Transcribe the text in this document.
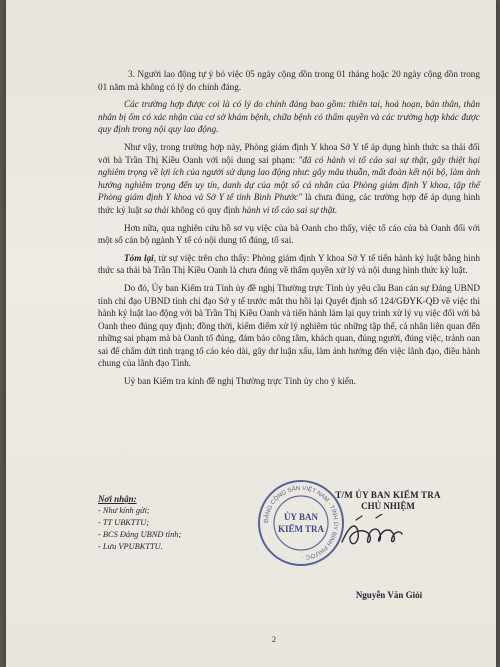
3. Người lao động tự ý bỏ việc 05 ngày cộng dồn trong 01 tháng hoặc 20 ngày cộng dồn trong 01 năm mà không có lý do chính đáng.

Các trường hợp được coi là có lý do chính đáng bao gồm: thiên tai, hoả hoạn, bản thân, thân nhân bị ốm có xác nhận của cơ sở khám bệnh, chữa bệnh có thẩm quyền và các trường hợp khác được quy định trong nội quy lao động.

Như vậy, trong trường hợp này, Phòng giám định Y khoa Sở Y tế áp dụng hình thức sa thải đối với bà Trần Thị Kiều Oanh với nội dung sai phạm: "đã có hành vi tố cáo sai sự thật, gây thiệt hại nghiêm trọng về lợi ích của người sử dụng lao động như: gây mâu thuẫn, mất đoàn kết nội bộ, làm ảnh hưởng nghiêm trọng đến uy tín, danh dự của một số cá nhân của Phòng giám định Y khoa, tập thể Phòng giám định Y khoa và Sở Y tế tỉnh Bình Phước" là chưa đúng, các trường hợp để áp dụng hình thức kỷ luật sa thải không có quy định hành vi tố cáo sai sự thật.

Hơn nữa, qua nghiên cứu hồ sơ vụ việc của bà Oanh cho thấy, việc tố cáo của bà Oanh đối với một số cán bộ ngành Y tế có nội dung tố đúng, tố sai.

Tóm lại, từ sự việc trên cho thấy: Phòng giám định Y khoa Sở Y tế tiến hành kỷ luật bằng hình thức sa thải bà Trần Thị Kiều Oanh là chưa đúng về thẩm quyền xử lý và nội dung hình thức kỷ luật.

Do đó, Ủy ban Kiểm tra Tỉnh ủy đề nghị Thường trực Tỉnh ủy yêu cầu Ban cán sự Đảng UBND tỉnh chỉ đạo UBND tỉnh chỉ đạo Sở y tế trước mắt thu hồi lại Quyết định số 124/GĐYK-QĐ về việc thi hành kỷ luật lao động với bà Trần Thị Kiều Oanh và tiến hành làm lại quy trình xử lý vụ việc đối với bà Oanh theo đúng quy định; đồng thời, kiểm điểm xử lý nghiêm túc những tập thể, cá nhân liên quan đến những sai phạm mà bà Oanh tố đúng, đảm bảo công tâm, khách quan, đúng người, đúng việc, tránh oan sai để chấm dứt tình trạng tố cáo kéo dài, gây dư luận xấu, làm ảnh hưởng đến việc lãnh đạo, điều hành chung của lãnh đạo Tỉnh.

Uỷ ban Kiểm tra kính đề nghị Thường trực Tỉnh ủy cho ý kiến.

Nơi nhận:
- Như kính gửi;
- TT UBKTTU;
- BCS Đảng UBND tỉnh;
- Lưu VPUBKTTU.
T/M ỦY BAN KIỂM TRA
CHỦ NHIỆM
ĐẢNG CỘNG SẢN VIỆT NAM · TỈNH ỦY BÌNH PHƯỚC ·
ỦY BAN
KIỂM TRA
Nguyễn Văn Giỏi
2
